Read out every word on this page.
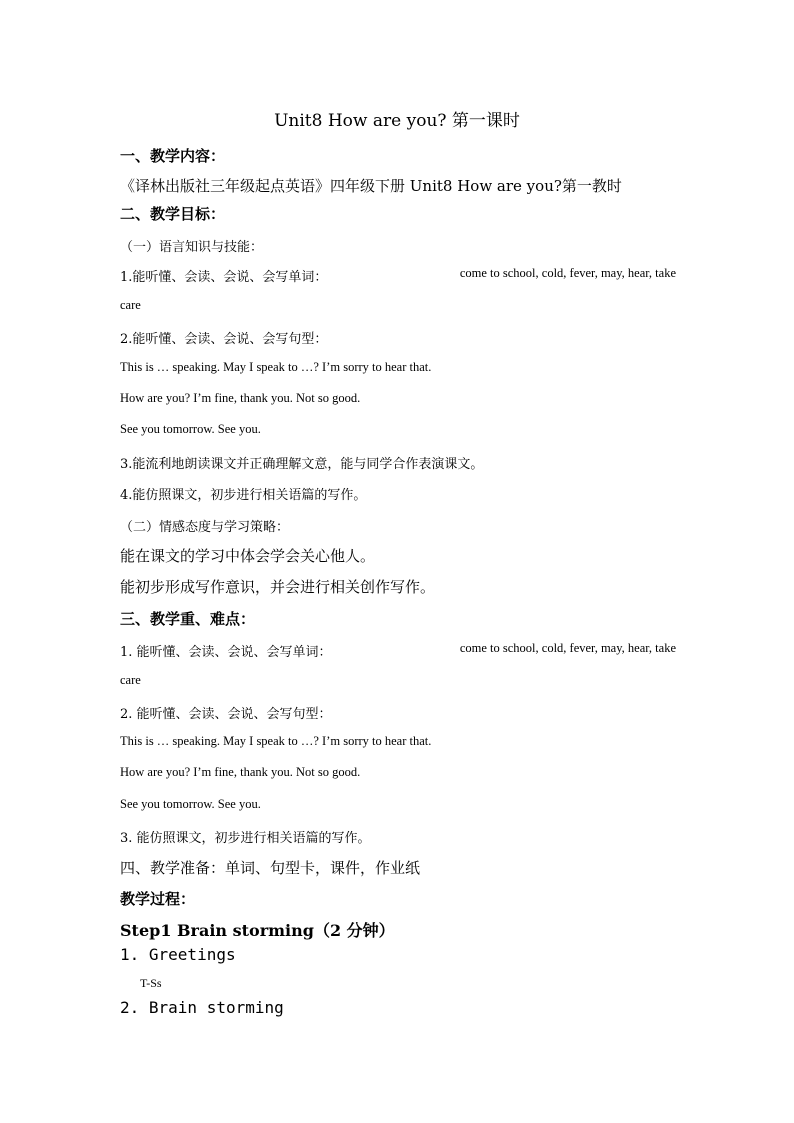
Unit8 How are you? 第一课时

一、教学内容：

《译林出版社三年级起点英语》四年级下册 Unit8 How are you?第一教时

二、教学目标：

（一）语言知识与技能：

1.能听懂、会读、会说、会写单词：	come to school, cold, fever, may, hear, take

care

2.能听懂、会读、会说、会写句型：

This is … speaking. May I speak to …? I’m sorry to hear that.

How are you? I’m fine, thank you. Not so good.

See you tomorrow. See you.

3.能流利地朗读课文并正确理解文意，能与同学合作表演课文。

4.能仿照课文，初步进行相关语篇的写作。

（二）情感态度与学习策略：

能在课文的学习中体会学会关心他人。

能初步形成写作意识，并会进行相关创作写作。

三、教学重、难点：

1. 能听懂、会读、会说、会写单词：	come to school, cold, fever, may, hear, take

care

2. 能听懂、会读、会说、会写句型：

This is … speaking. May I speak to …? I’m sorry to hear that.

How are you? I’m fine, thank you. Not so good.

See you tomorrow. See you.

3. 能仿照课文，初步进行相关语篇的写作。

四、教学准备：单词、句型卡，课件，作业纸

教学过程：

Step1 Brain storming（2 分钟）

1. Greetings

T-Ss

2. Brain storming
